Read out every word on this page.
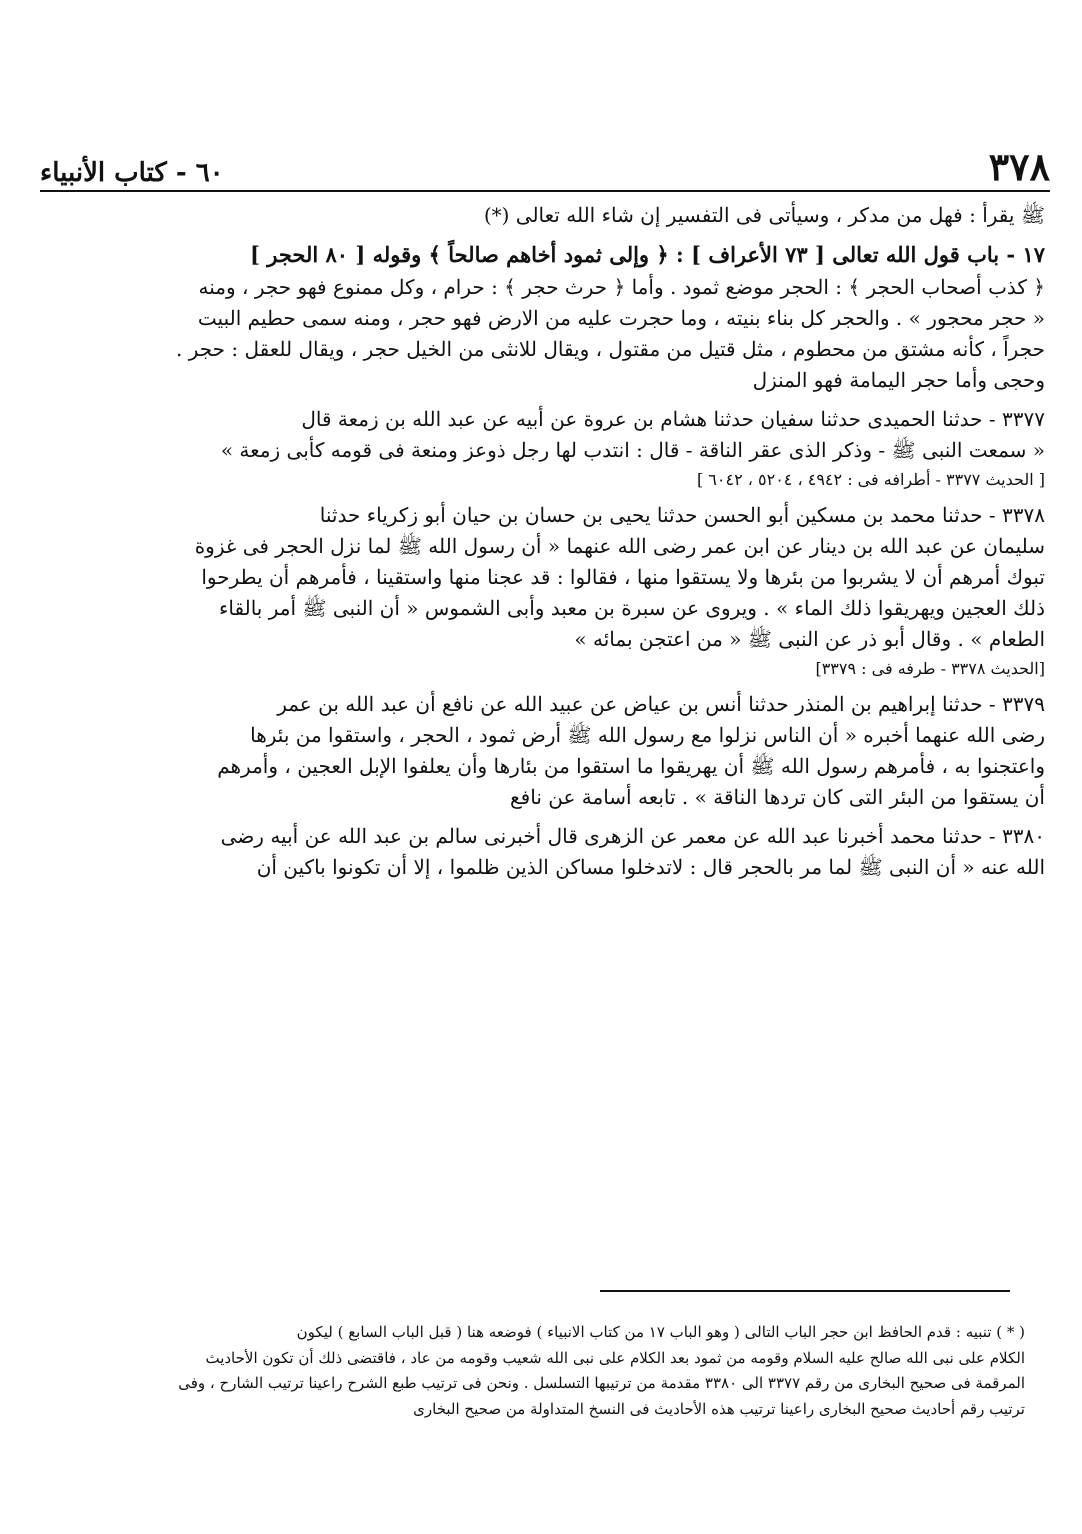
٣٧٨
٦٠ - كتاب الأنبياء

ﷺ يقرأ : فهل من مدكر ، وسيأتى فى التفسير إن شاء الله تعالى (*)

١٧ - باب قول الله تعالى [ ٧٣ الأعراف ] : ﴿ وإلى ثمود أخاهم صالحاً ﴾ وقوله [ ٨٠ الحجر ]

﴿ كذب أصحاب الحجر ﴾ : الحجر موضع ثمود . وأما ﴿ حرث حجر ﴾ : حرام ، وكل ممنوع فهو حجر ، ومنه

« حجر محجور » . والحجر كل بناء بنيته ، وما حجرت عليه من الارض فهو حجر ، ومنه سمى حطيم البيت

حجراً ، كأنه مشتق من محطوم ، مثل قتيل من مقتول ، ويقال للانثى من الخيل حجر ، ويقال للعقل : حجر .

وحجى وأما حجر اليمامة فهو المنزل

٣٣٧٧ - حدثنا الحميدى حدثنا سفيان حدثنا هشام بن عروة عن أبيه عن عبد الله بن زمعة قال

« سمعت النبى ﷺ - وذكر الذى عقر الناقة - قال : انتدب لها رجل ذوعز ومنعة فى قومه كأبى زمعة »

[ الحديث ٣٣٧٧ - أطرافه فى : ٤٩٤٢ ، ٥٢٠٤ ، ٦٠٤٢ ]

٣٣٧٨ - حدثنا محمد بن مسكين أبو الحسن حدثنا يحيى بن حسان بن حيان أبو زكرياء حدثنا

سليمان عن عبد الله بن دينار عن ابن عمر رضى الله عنهما « أن رسول الله ﷺ لما نزل الحجر فى غزوة

تبوك أمرهم أن لا يشربوا من بئرها ولا يستقوا منها ، فقالوا : قد عجنا منها واستقينا ، فأمرهم أن يطرحوا

ذلك العجين ويهريقوا ذلك الماء » . ويروى عن سبرة بن معبد وأبى الشموس « أن النبى ﷺ أمر بالقاء

الطعام » . وقال أبو ذر عن النبى ﷺ « من اعتجن بمائه »

[الحديث ٣٣٧٨ - طرفه فى : ٣٣٧٩]

٣٣٧٩ - حدثنا إبراهيم بن المنذر حدثنا أنس بن عياض عن عبيد الله عن نافع أن عبد الله بن عمر

رضى الله عنهما أخبره « أن الناس نزلوا مع رسول الله ﷺ أرض ثمود ، الحجر ، واستقوا من بئرها

واعتجنوا به ، فأمرهم رسول الله ﷺ أن يهريقوا ما استقوا من بئارها وأن يعلفوا الإبل العجين ، وأمرهم

أن يستقوا من البئر التى كان تردها الناقة » . تابعه أسامة عن نافع

٣٣٨٠ - حدثنا محمد أخبرنا عبد الله عن معمر عن الزهرى قال أخبرنى سالم بن عبد الله عن أبيه رضى

الله عنه « أن النبى ﷺ لما مر بالحجر قال : لاتدخلوا مساكن الذين ظلموا ، إلا أن تكونوا باكين أن

( * ) تنبيه : قدم الحافظ ابن حجر الباب التالى ( وهو الباب ١٧ من كتاب الانبياء ) فوضعه هنا ( قبل الباب السابع ) ليكون
الكلام على نبى الله صالح عليه السلام وقومه من ثمود بعد الكلام على نبى الله شعيب وقومه من عاد ، فاقتضى ذلك أن تكون الأحاديث
المرقمة فى صحيح البخارى من رقم ٣٣٧٧ الى ٣٣٨٠ مقدمة من ترتيبها التسلسل . ونحن فى ترتيب طبع الشرح راعينا ترتيب الشارح ، وفى
ترتيب رقم أحاديث صحيح البخارى راعينا ترتيب هذه الأحاديث فى النسخ المتداولة من صحيح البخارى
